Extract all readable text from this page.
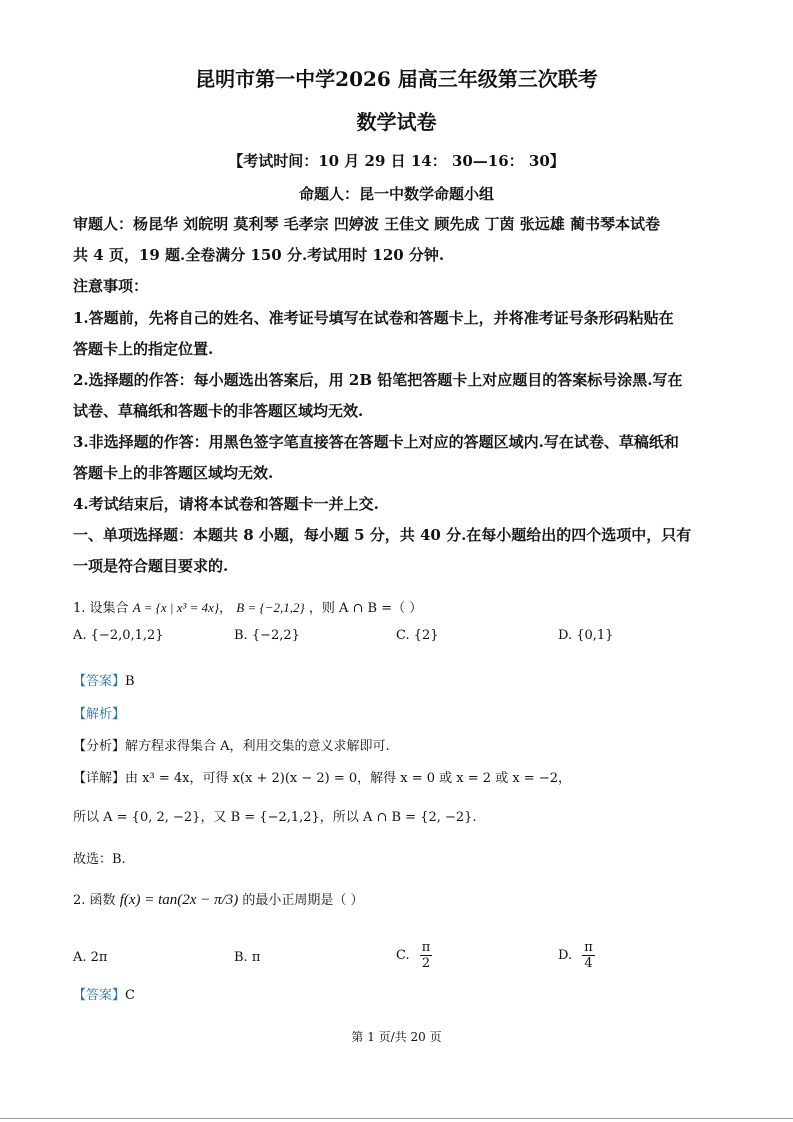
昆明市第一中学2026 届高三年级第三次联考
数学试卷
【考试时间：10 月 29 日 14： 30—16： 30】
命题人：昆一中数学命题小组
审题人：杨昆华 刘皖明 莫利琴 毛孝宗 凹婷波 王佳文 顾先成 丁茵 张远雄 蔺书琴本试卷
共 4 页，19 题.全卷满分 150 分.考试用时 120 分钟.
注意事项：
1.答题前，先将自己的姓名、准考证号填写在试卷和答题卡上，并将准考证号条形码粘贴在
答题卡上的指定位置.
2.选择题的作答：每小题选出答案后，用 2B 铅笔把答题卡上对应题目的答案标号涂黑.写在
试卷、草稿纸和答题卡的非答题区域均无效.
3.非选择题的作答：用黑色签字笔直接答在答题卡上对应的答题区域内.写在试卷、草稿纸和
答题卡上的非答题区域均无效.
4.考试结束后，请将本试卷和答题卡一并上交.
一、单项选择题：本题共 8 小题，每小题 5 分，共 40 分.在每小题给出的四个选项中，只有
一项是符合题目要求的.
1. 设集合 A = {x | x³ = 4x}， B = {−2,1,2} ，则 A ∩ B =（ ）
A. {−2,0,1,2}	B. {−2,2}	C. {2}	D. {0,1}
【答案】B
【解析】
【分析】解方程求得集合 A，利用交集的意义求解即可.
【详解】由 x³ = 4x，可得 x(x + 2)(x − 2) = 0，解得 x = 0 或 x = 2 或 x = −2，
所以 A = {0, 2, −2}，又 B = {−2,1,2}，所以 A ∩ B = {2, −2}.
故选：B.
2. 函数 f(x) = tan(2x − π/3) 的最小正周期是（ ）
A. 2π	B. π	C. $\frac{\pi}{2}$	D. $\frac{\pi}{4}$
【答案】C
第 1 页/共 20 页
